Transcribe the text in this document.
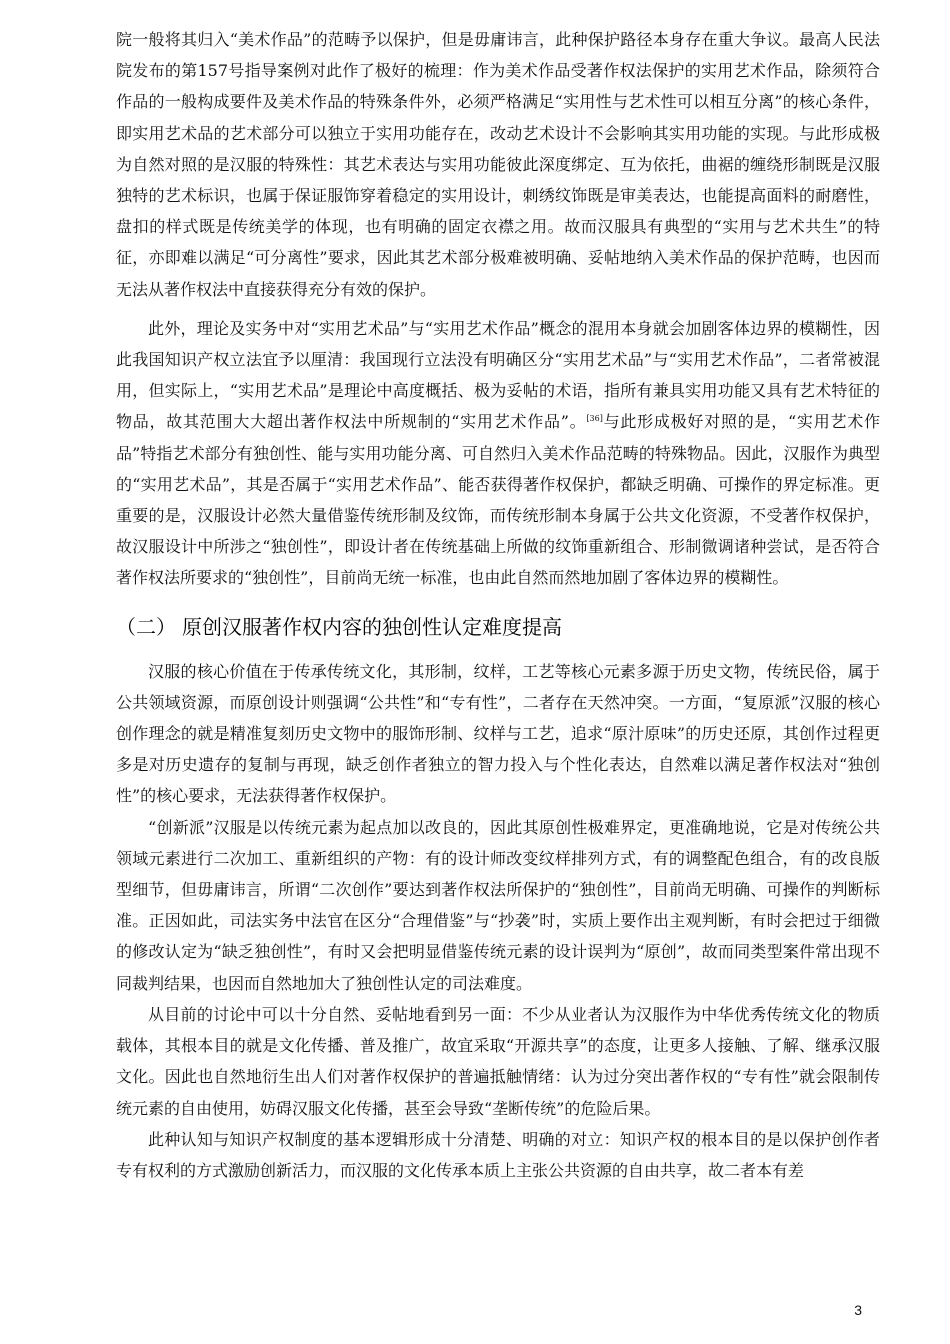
院一般将其归入“美术作品”的范畴予以保护，但是毋庸讳言，此种保护路径本身存在重大争议。最高人民法院发布的第157号指导案例对此作了极好的梳理：作为美术作品受著作权法保护的实用艺术作品，除须符合作品的一般构成要件及美术作品的特殊条件外，必须严格满足“实用性与艺术性可以相互分离”的核心条件，即实用艺术品的艺术部分可以独立于实用功能存在，改动艺术设计不会影响其实用功能的实现。与此形成极为自然对照的是汉服的特殊性：其艺术表达与实用功能彼此深度绑定、互为依托，曲裾的缠绕形制既是汉服独特的艺术标识，也属于保证服饰穿着稳定的实用设计，刺绣纹饰既是审美表达，也能提高面料的耐磨性，盘扣的样式既是传统美学的体现，也有明确的固定衣襟之用。故而汉服具有典型的“实用与艺术共生”的特征，亦即难以满足“可分离性”要求，因此其艺术部分极难被明确、妥帖地纳入美术作品的保护范畴，也因而无法从著作权法中直接获得充分有效的保护。

此外，理论及实务中对“实用艺术品”与“实用艺术作品”概念的混用本身就会加剧客体边界的模糊性，因此我国知识产权立法宜予以厘清：我国现行立法没有明确区分“实用艺术品”与“实用艺术作品”，二者常被混用，但实际上，“实用艺术品”是理论中高度概括、极为妥帖的术语，指所有兼具实用功能又具有艺术特征的物品，故其范围大大超出著作权法中所规制的“实用艺术作品”。[36]与此形成极好对照的是，“实用艺术作品”特指艺术部分有独创性、能与实用功能分离、可自然归入美术作品范畴的特殊物品。因此，汉服作为典型的“实用艺术品”，其是否属于“实用艺术作品”、能否获得著作权保护，都缺乏明确、可操作的界定标准。更重要的是，汉服设计必然大量借鉴传统形制及纹饰，而传统形制本身属于公共文化资源，不受著作权保护，故汉服设计中所涉之“独创性”，即设计者在传统基础上所做的纹饰重新组合、形制微调诸种尝试，是否符合著作权法所要求的“独创性”，目前尚无统一标准，也由此自然而然地加剧了客体边界的模糊性。

（二） 原创汉服著作权内容的独创性认定难度提高

汉服的核心价值在于传承传统文化，其形制，纹样，工艺等核心元素多源于历史文物，传统民俗，属于公共领域资源，而原创设计则强调“公共性”和“专有性”，二者存在天然冲突。一方面，“复原派”汉服的核心创作理念的就是精准复刻历史文物中的服饰形制、纹样与工艺，追求“原汁原味”的历史还原，其创作过程更多是对历史遗存的复制与再现，缺乏创作者独立的智力投入与个性化表达，自然难以满足著作权法对“独创性”的核心要求，无法获得著作权保护。

“创新派”汉服是以传统元素为起点加以改良的，因此其原创性极难界定，更准确地说，它是对传统公共领域元素进行二次加工、重新组织的产物：有的设计师改变纹样排列方式，有的调整配色组合，有的改良版型细节，但毋庸讳言，所谓“二次创作”要达到著作权法所保护的“独创性”，目前尚无明确、可操作的判断标准。正因如此，司法实务中法官在区分“合理借鉴”与“抄袭”时，实质上要作出主观判断，有时会把过于细微的修改认定为“缺乏独创性”，有时又会把明显借鉴传统元素的设计误判为“原创”，故而同类型案件常出现不同裁判结果，也因而自然地加大了独创性认定的司法难度。

从目前的讨论中可以十分自然、妥帖地看到另一面：不少从业者认为汉服作为中华优秀传统文化的物质载体，其根本目的就是文化传播、普及推广，故宜采取“开源共享”的态度，让更多人接触、了解、继承汉服文化。因此也自然地衍生出人们对著作权保护的普遍抵触情绪：认为过分突出著作权的“专有性”就会限制传统元素的自由使用，妨碍汉服文化传播，甚至会导致“垄断传统”的危险后果。

此种认知与知识产权制度的基本逻辑形成十分清楚、明确的对立：知识产权的根本目的是以保护创作者专有权利的方式激励创新活力，而汉服的文化传承本质上主张公共资源的自由共享，故二者本有差

3
